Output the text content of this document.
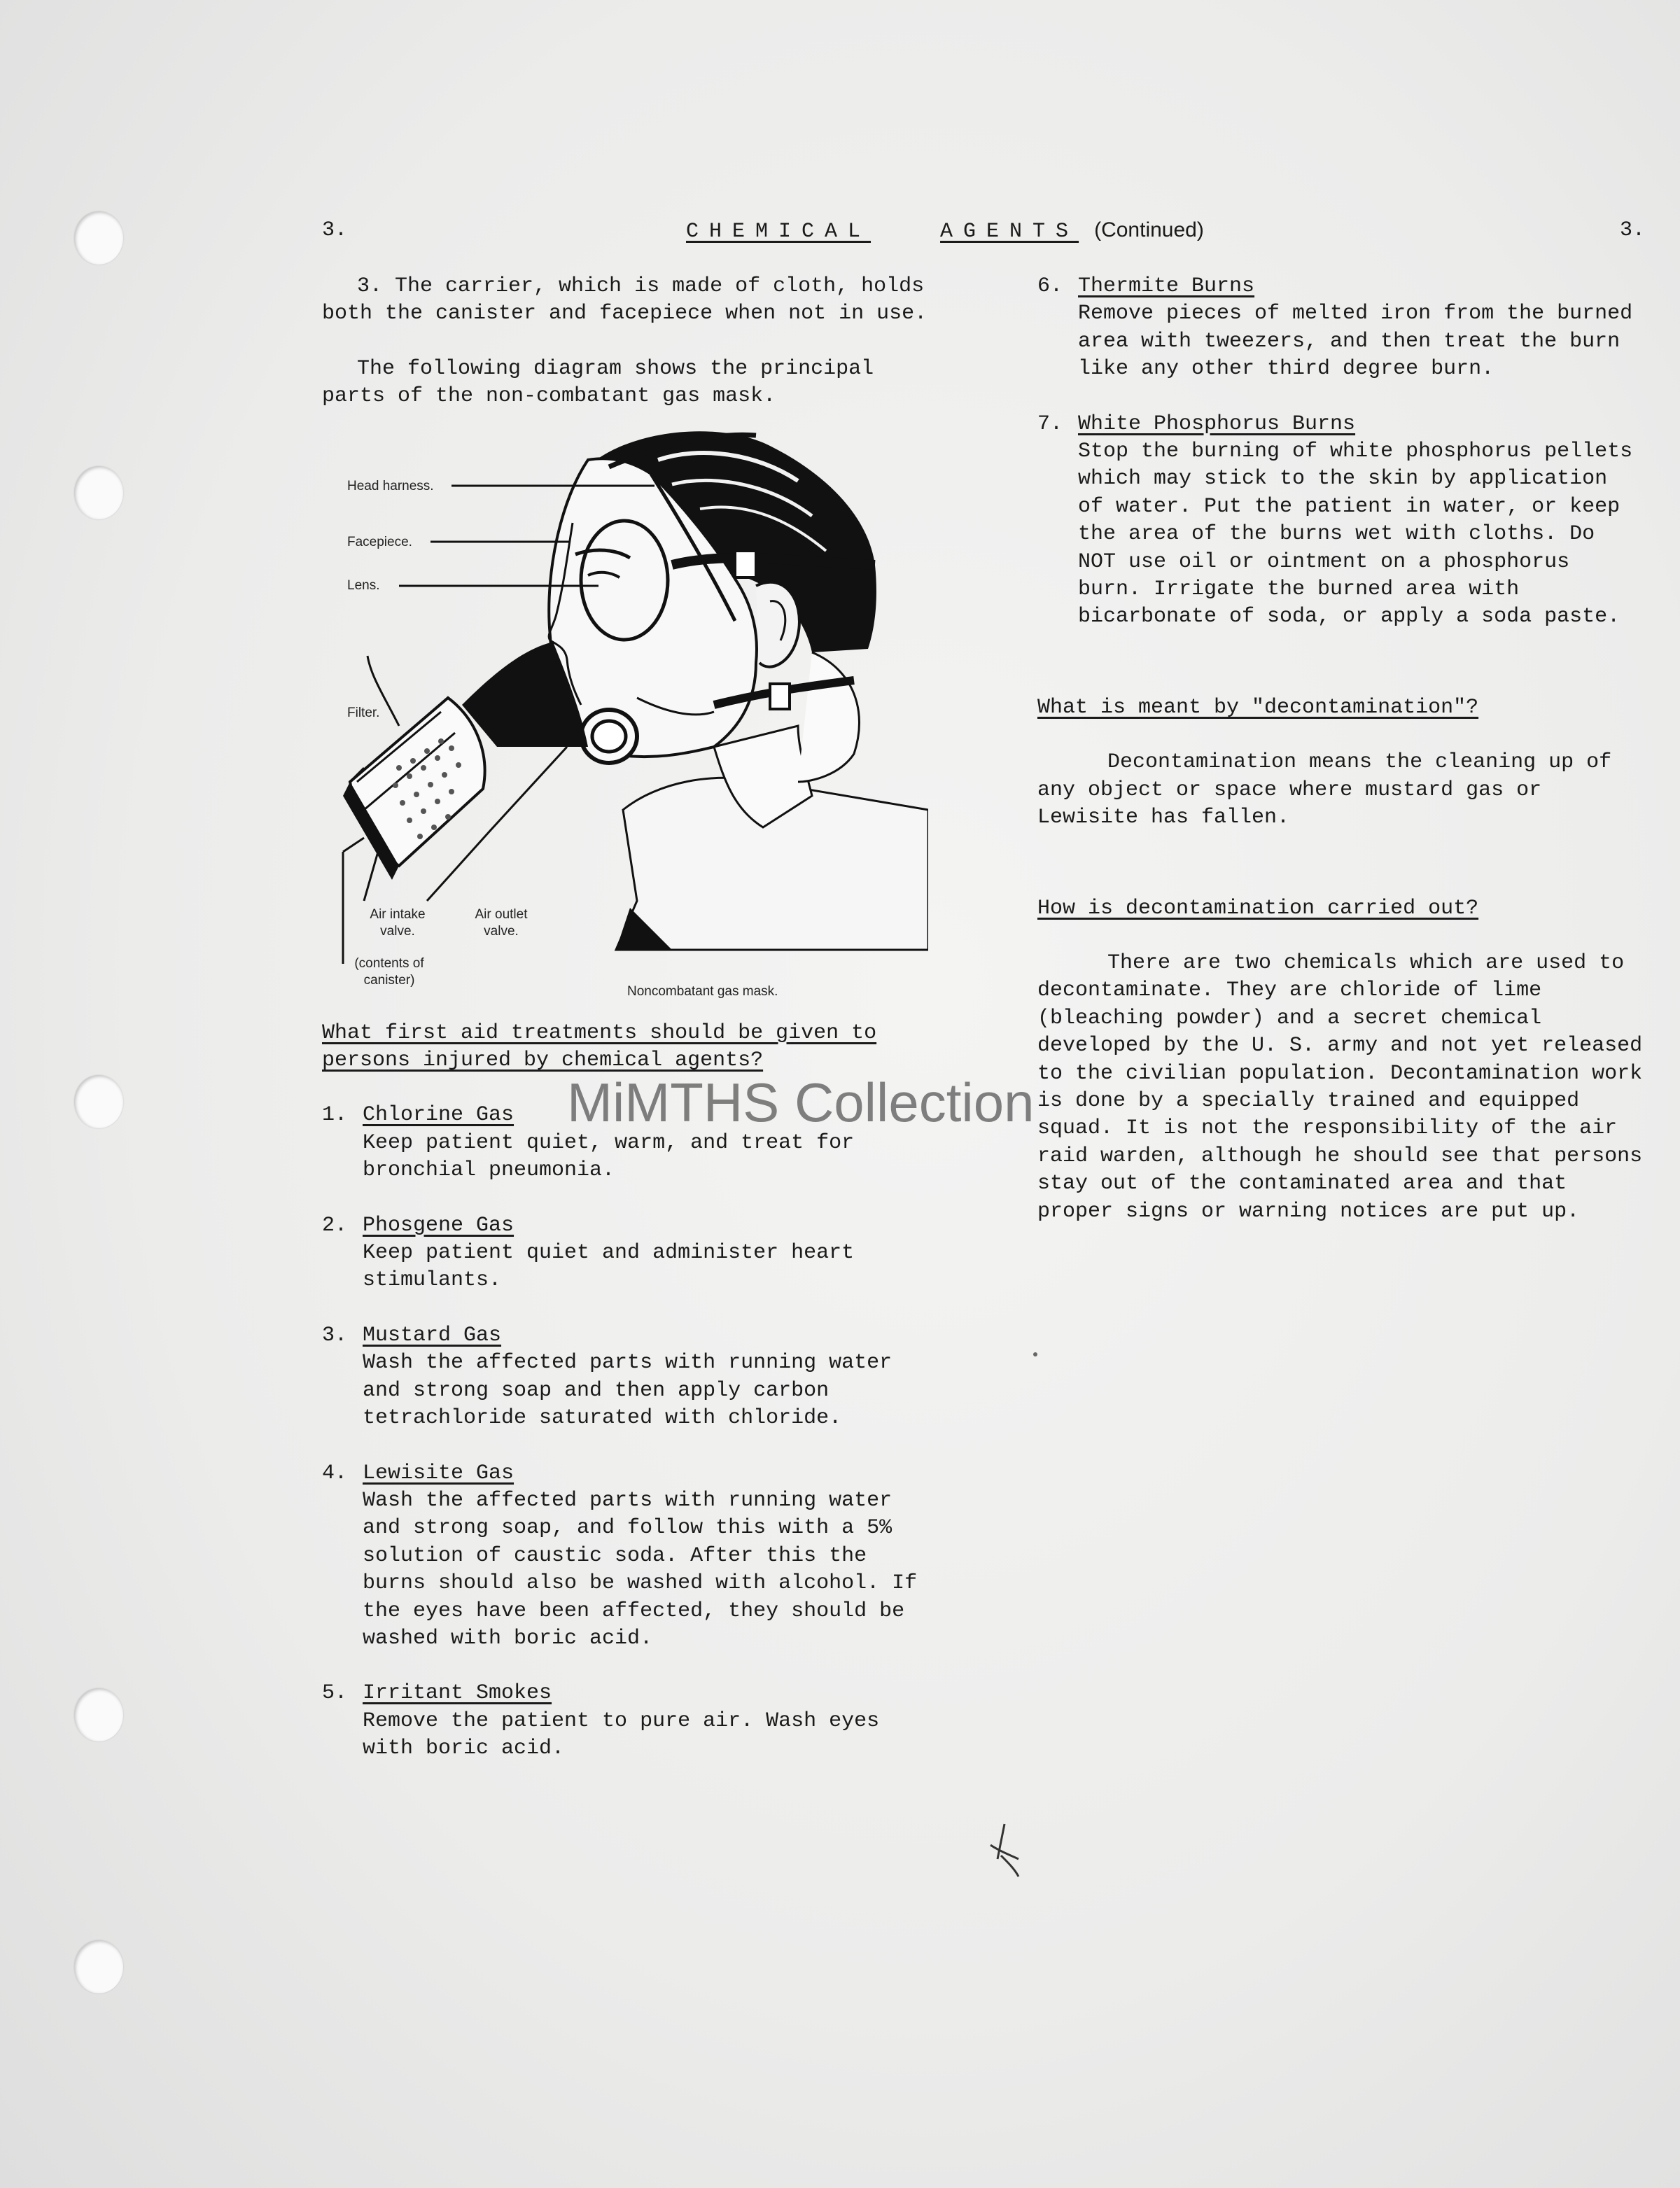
3.	CHEMICAL	AGENTS (Continued)	3.

3. The carrier, which is made of cloth, holds both the canister and facepiece when not in use.

The following diagram shows the principal parts of the non-combatant gas mask.

Head harness.
Facepiece.
Lens.
Filter.
Air intake valve.
Air outlet valve.
(contents of canister)
Noncombatant gas mask.

What first aid treatments should be given to persons injured by chemical agents?

1. Chlorine Gas

Keep patient quiet, warm, and treat for bronchial pneumonia.

2. Phosgene Gas

Keep patient quiet and administer heart stimulants.

3. Mustard Gas

Wash the affected parts with running water and strong soap and then apply carbon tetrachloride saturated with chloride.

4. Lewisite Gas

Wash the affected parts with running water and strong soap, and follow this with a 5% solution of caustic soda. After this the burns should also be washed with alcohol. If the eyes have been affected, they should be washed with boric acid.

5. Irritant Smokes

Remove the patient to pure air. Wash eyes with boric acid.

6. Thermite Burns

Remove pieces of melted iron from the burned area with tweezers, and then treat the burn like any other third degree burn.

7. White Phosphorus Burns

Stop the burning of white phosphorus pellets which may stick to the skin by application of water. Put the patient in water, or keep the area of the burns wet with cloths. Do NOT use oil or ointment on a phosphorus burn. Irrigate the burned area with bicarbonate of soda, or apply a soda paste.

What is meant by "decontamination"?

Decontamination means the cleaning up of any object or space where mustard gas or Lewisite has fallen.

How is decontamination carried out?

There are two chemicals which are used to decontaminate. They are chloride of lime (bleaching powder) and a secret chemical developed by the U. S. army and not yet released to the civilian population. Decontamination work is done by a specially trained and equipped squad. It is not the responsibility of the air raid warden, although he should see that persons stay out of the contaminated area and that proper signs or warning notices are put up.

MiMTHS Collection
